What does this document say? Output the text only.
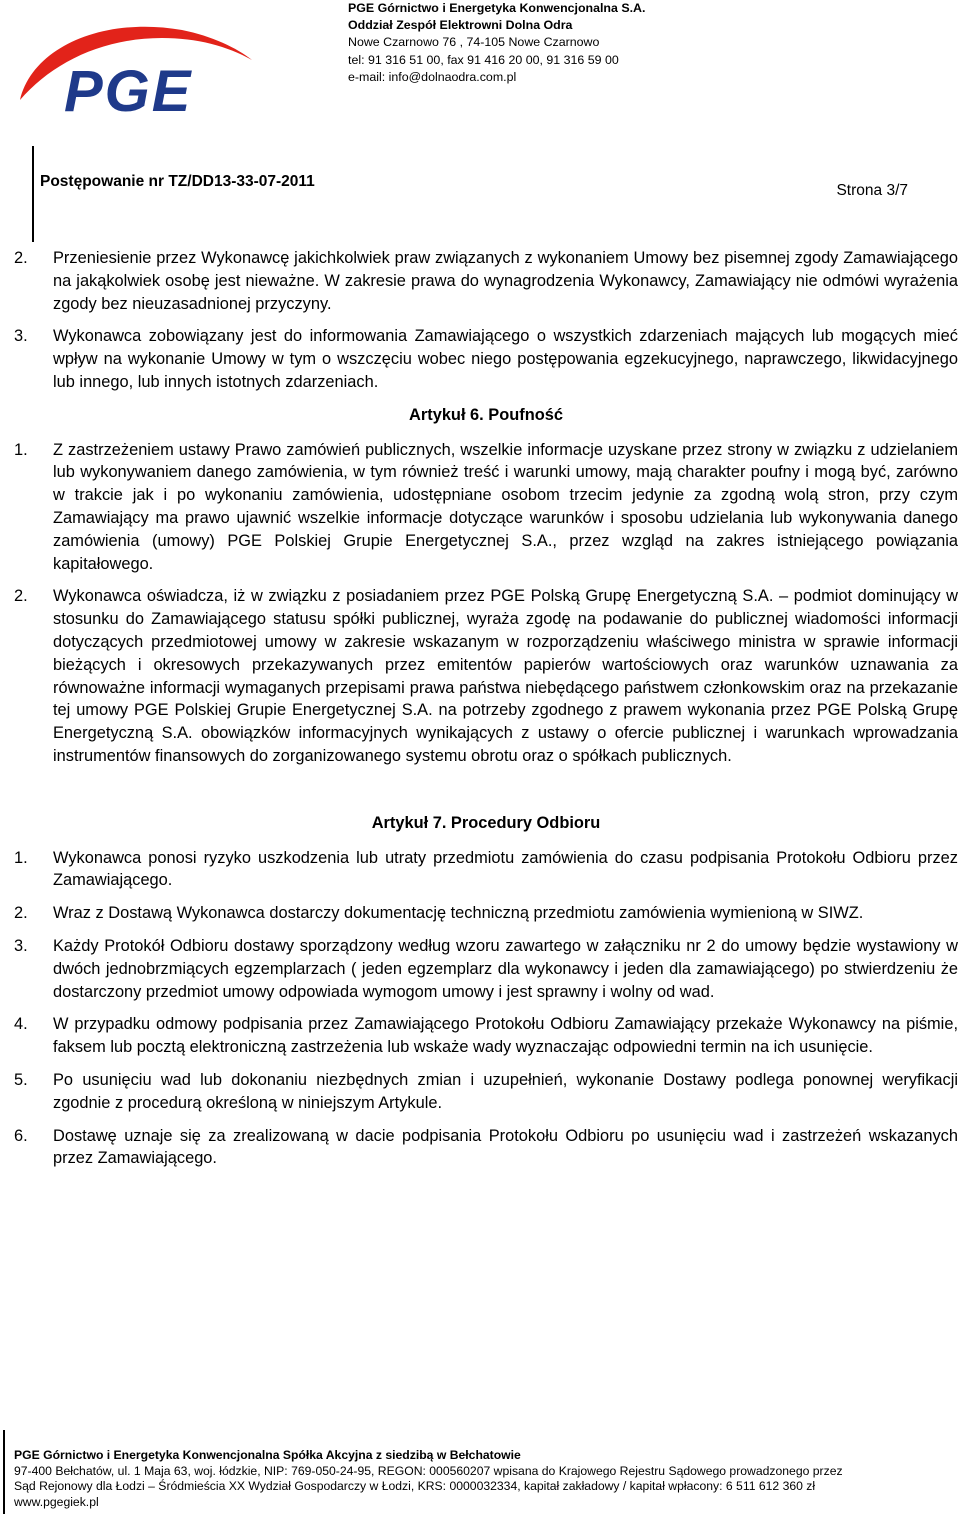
PGE
PGE Górnictwo i Energetyka Konwencjonalna S.A.
Oddział Zespół Elektrowni Dolna Odra
Nowe Czarnowo 76 , 74-105 Nowe Czarnowo
tel: 91 316 51 00, fax 91 416 20 00, 91 316 59 00
e-mail: info@dolnaodra.com.pl
Postępowanie nr TZ/DD13-33-07-2011
Strona 3/7
2.	Przeniesienie przez Wykonawcę jakichkolwiek praw związanych z wykonaniem Umowy bez pisemnej zgody Zamawiającego na jakąkolwiek osobę jest nieważne. W zakresie prawa do wynagrodzenia Wykonawcy, Zamawiający nie odmówi wyrażenia zgody bez nieuzasadnionej przyczyny.
3.	Wykonawca zobowiązany jest do informowania Zamawiającego o wszystkich zdarzeniach mających lub mogących mieć wpływ na wykonanie Umowy w tym o wszczęciu wobec niego postępowania egzekucyjnego, naprawczego, likwidacyjnego lub innego, lub innych istotnych zdarzeniach.
Artykuł 6. Poufność
1.	Z zastrzeżeniem ustawy Prawo zamówień publicznych, wszelkie informacje uzyskane przez strony w związku z udzielaniem lub wykonywaniem danego zamówienia, w tym również treść i warunki umowy, mają charakter poufny i mogą być, zarówno w trakcie jak i po wykonaniu zamówienia, udostępniane osobom trzecim jedynie za zgodną wolą stron, przy czym Zamawiający ma prawo ujawnić wszelkie informacje dotyczące warunków i sposobu udzielania lub wykonywania danego zamówienia (umowy) PGE Polskiej Grupie Energetycznej S.A., przez wzgląd na zakres istniejącego powiązania kapitałowego.
2.	Wykonawca oświadcza, iż w związku z posiadaniem przez PGE Polską Grupę Energetyczną S.A. – podmiot dominujący w stosunku do Zamawiającego statusu spółki publicznej, wyraża zgodę na podawanie do publicznej wiadomości informacji dotyczących przedmiotowej umowy w zakresie wskazanym w rozporządzeniu właściwego ministra w sprawie informacji bieżących i okresowych przekazywanych przez emitentów papierów wartościowych oraz warunków uznawania za równoważne informacji wymaganych przepisami prawa państwa niebędącego państwem członkowskim oraz na przekazanie tej umowy PGE Polskiej Grupie Energetycznej S.A. na potrzeby zgodnego z prawem wykonania przez PGE Polską Grupę Energetyczną S.A. obowiązków informacyjnych wynikających z ustawy o ofercie publicznej i warunkach wprowadzania instrumentów finansowych do zorganizowanego systemu obrotu oraz o spółkach publicznych.
Artykuł 7. Procedury Odbioru
1.	Wykonawca ponosi ryzyko uszkodzenia lub utraty przedmiotu zamówienia do czasu podpisania Protokołu Odbioru przez Zamawiającego.
2.	Wraz z Dostawą Wykonawca dostarczy dokumentację techniczną przedmiotu zamówienia wymienioną w SIWZ.
3.	Każdy Protokół Odbioru dostawy sporządzony według wzoru zawartego w załączniku nr 2 do umowy będzie wystawiony w dwóch jednobrzmiących egzemplarzach ( jeden egzemplarz dla wykonawcy i jeden dla zamawiającego) po stwierdzeniu że dostarczony przedmiot umowy odpowiada wymogom umowy i jest sprawny i wolny od wad.
4.	W przypadku odmowy podpisania przez Zamawiającego Protokołu Odbioru Zamawiający przekaże Wykonawcy na piśmie, faksem lub pocztą elektroniczną zastrzeżenia lub wskaże wady wyznaczając odpowiedni termin na ich usunięcie.
5.	Po usunięciu wad lub dokonaniu niezbędnych zmian i uzupełnień, wykonanie Dostawy podlega ponownej weryfikacji zgodnie z procedurą określoną w niniejszym Artykule.
6.	Dostawę uznaje się za zrealizowaną w dacie podpisania Protokołu Odbioru po usunięciu wad i zastrzeżeń wskazanych przez Zamawiającego.
PGE Górnictwo i Energetyka Konwencjonalna Spółka Akcyjna z siedzibą w Bełchatowie
97-400 Bełchatów, ul. 1 Maja 63, woj. łódzkie, NIP: 769-050-24-95, REGON: 000560207 wpisana do Krajowego Rejestru Sądowego prowadzonego przez
Sąd Rejonowy dla Łodzi – Śródmieścia XX Wydział Gospodarczy w Łodzi, KRS: 0000032334, kapitał zakładowy / kapitał wpłacony: 6 511 612 360 zł
www.pgegiek.pl
